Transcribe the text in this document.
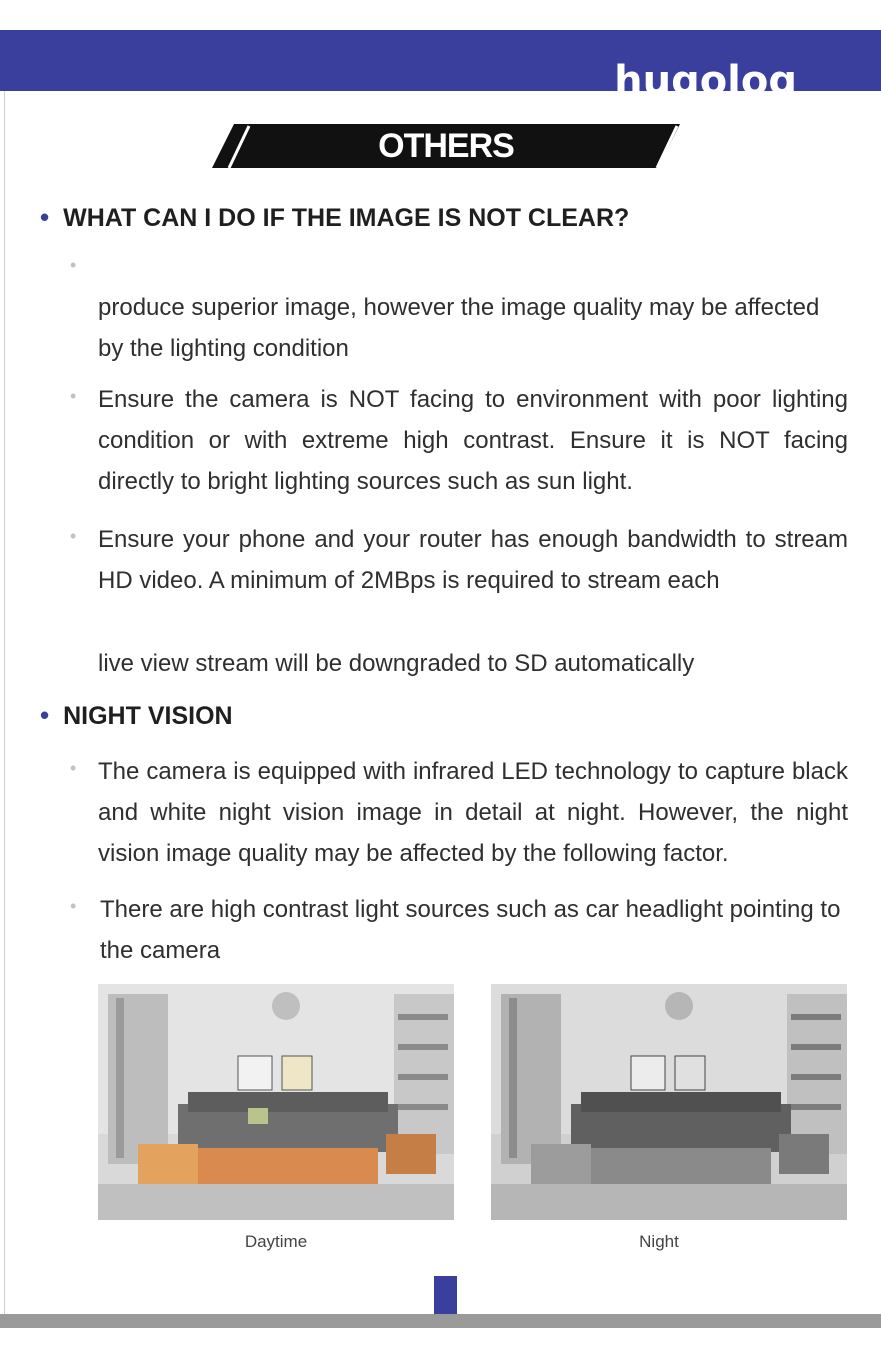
hugolog
OTHERS
• WHAT CAN I DO IF THE IMAGE IS NOT CLEAR?
•
produce superior image, however the image quality may be affected by the lighting condition
• Ensure the camera is NOT facing to environment with poor lighting condition or with extreme high contrast. Ensure it is NOT facing directly to bright lighting sources such as sun light.
• Ensure your phone and your router has enough bandwidth to stream HD video. A minimum of 2MBps is required to stream each
live view stream will be downgraded to SD automatically
• NIGHT VISION
• The camera is equipped with infrared LED technology to capture black and white night vision image in detail at night. However, the night vision image quality may be affected by the following factor.
• There are high contrast light sources such as car headlight pointing to the camera
Daytime	Night
